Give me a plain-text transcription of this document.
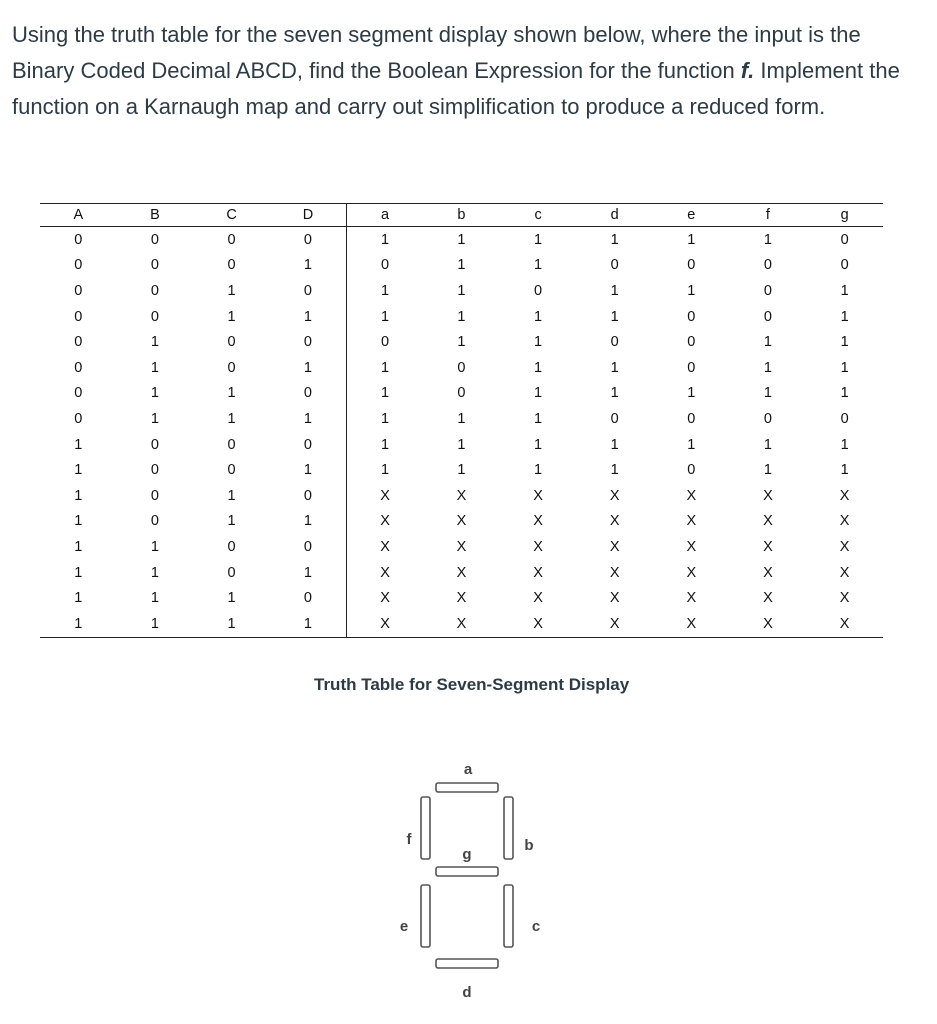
Using the truth table for the seven segment display shown below, where the input is the Binary Coded Decimal ABCD, find the Boolean Expression for the function f. Implement the function on a Karnaugh map and carry out simplification to produce a reduced form.

A	B	C	D	a	b	c	d	e	f	g
0	0	0	0	1	1	1	1	1	1	0
0	0	0	1	0	1	1	0	0	0	0
0	0	1	0	1	1	0	1	1	0	1
0	0	1	1	1	1	1	1	0	0	1
0	1	0	0	0	1	1	0	0	1	1
0	1	0	1	1	0	1	1	0	1	1
0	1	1	0	1	0	1	1	1	1	1
0	1	1	1	1	1	1	0	0	0	0
1	0	0	0	1	1	1	1	1	1	1
1	0	0	1	1	1	1	1	0	1	1
1	0	1	0	X	X	X	X	X	X	X
1	0	1	1	X	X	X	X	X	X	X
1	1	0	0	X	X	X	X	X	X	X
1	1	0	1	X	X	X	X	X	X	X
1	1	1	0	X	X	X	X	X	X	X
1	1	1	1	X	X	X	X	X	X	X
Truth Table for Seven-Segment Display
a
f	b
g
e	c
d
